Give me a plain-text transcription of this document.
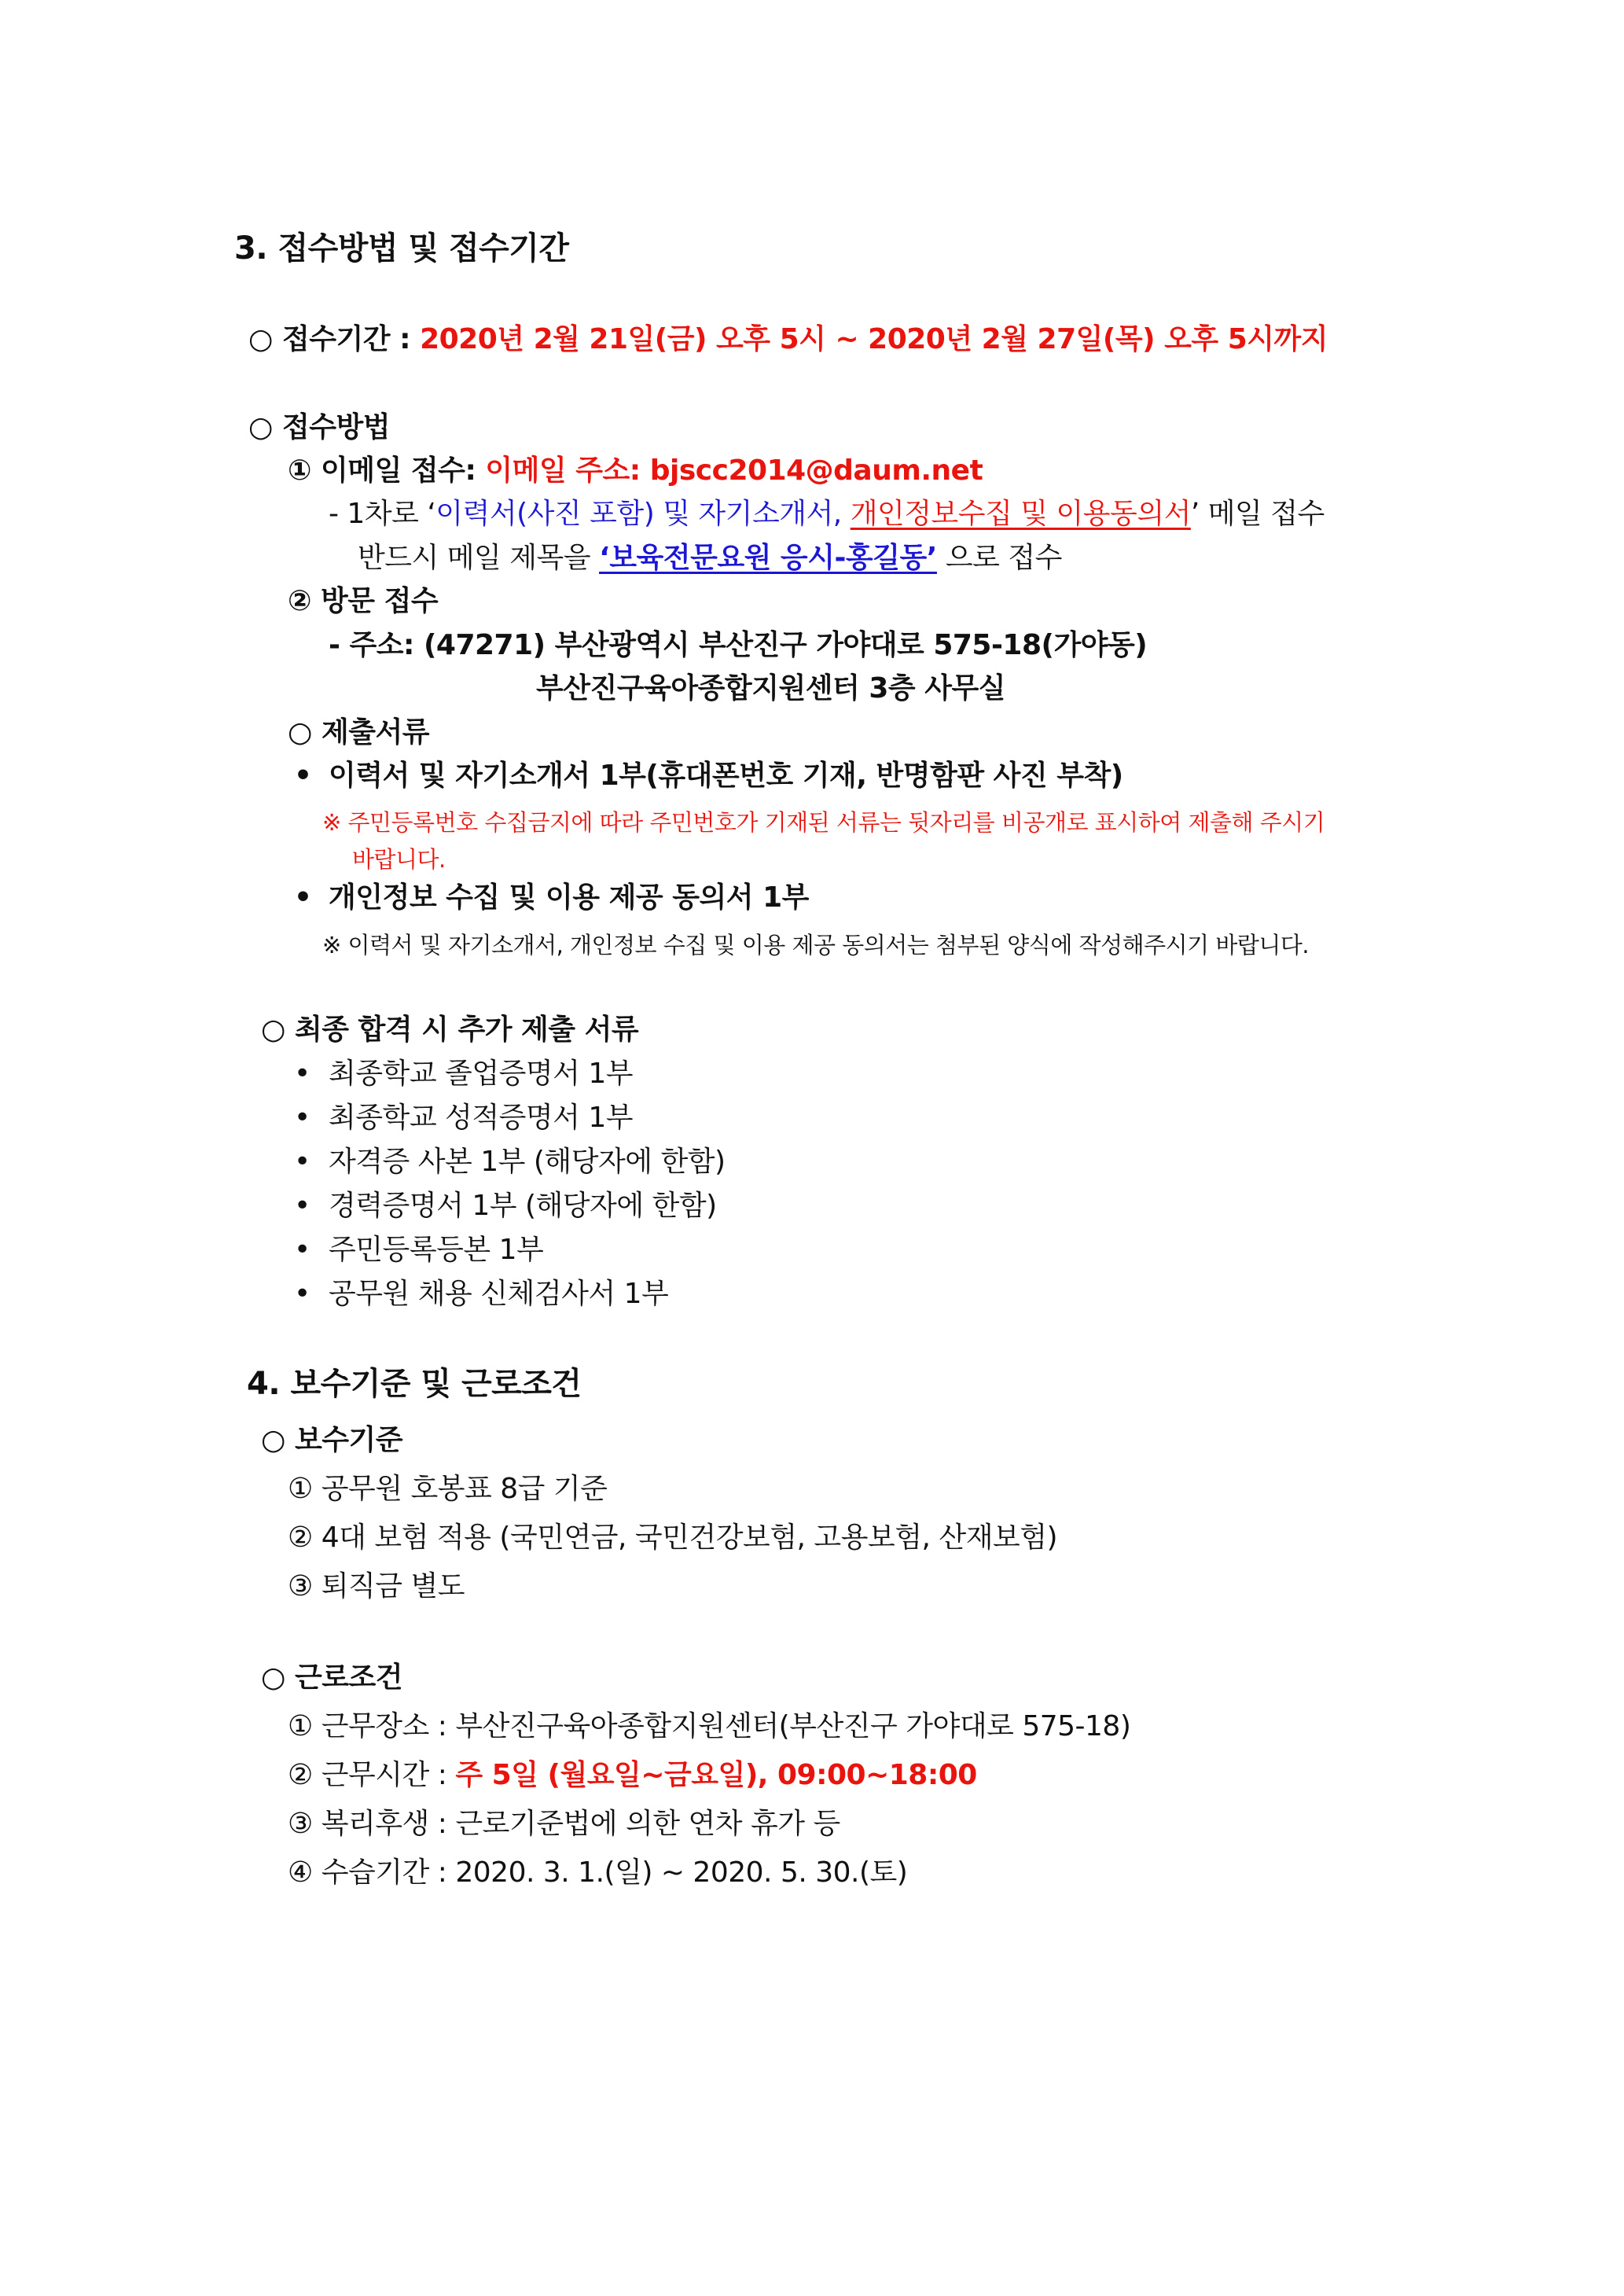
3. 접수방법 및 접수기간
○ 접수기간 : 2020년 2월 21일(금) 오후 5시 ~ 2020년 2월 27일(목) 오후 5시까지
○ 접수방법
① 이메일 접수: 이메일 주소: bjscc2014@daum.net
- 1차로 ‘이력서(사진 포함) 및 자기소개서, 개인정보수집 및 이용동의서’ 메일 접수
반드시 메일 제목을 ‘보육전문요원 응시-홍길동’ 으로 접수
② 방문 접수
- 주소: (47271) 부산광역시 부산진구 가야대로 575-18(가야동)
부산진구육아종합지원센터 3층 사무실
○ 제출서류
• 이력서 및 자기소개서 1부(휴대폰번호 기재, 반명함판 사진 부착)
※ 주민등록번호 수집금지에 따라 주민번호가 기재된 서류는 뒷자리를 비공개로 표시하여 제출해 주시기
바랍니다.
• 개인정보 수집 및 이용 제공 동의서 1부
※ 이력서 및 자기소개서, 개인정보 수집 및 이용 제공 동의서는 첨부된 양식에 작성해주시기 바랍니다.
○ 최종 합격 시 추가 제출 서류
• 최종학교 졸업증명서 1부
• 최종학교 성적증명서 1부
• 자격증 사본 1부 (해당자에 한함)
• 경력증명서 1부 (해당자에 한함)
• 주민등록등본 1부
• 공무원 채용 신체검사서 1부
4. 보수기준 및 근로조건
○ 보수기준
① 공무원 호봉표 8급 기준
② 4대 보험 적용 (국민연금, 국민건강보험, 고용보험, 산재보험)
③ 퇴직금 별도
○ 근로조건
① 근무장소 : 부산진구육아종합지원센터(부산진구 가야대로 575-18)
② 근무시간 : 주 5일 (월요일~금요일), 09:00~18:00
③ 복리후생 : 근로기준법에 의한 연차 휴가 등
④ 수습기간 : 2020. 3. 1.(일) ~ 2020. 5. 30.(토)
